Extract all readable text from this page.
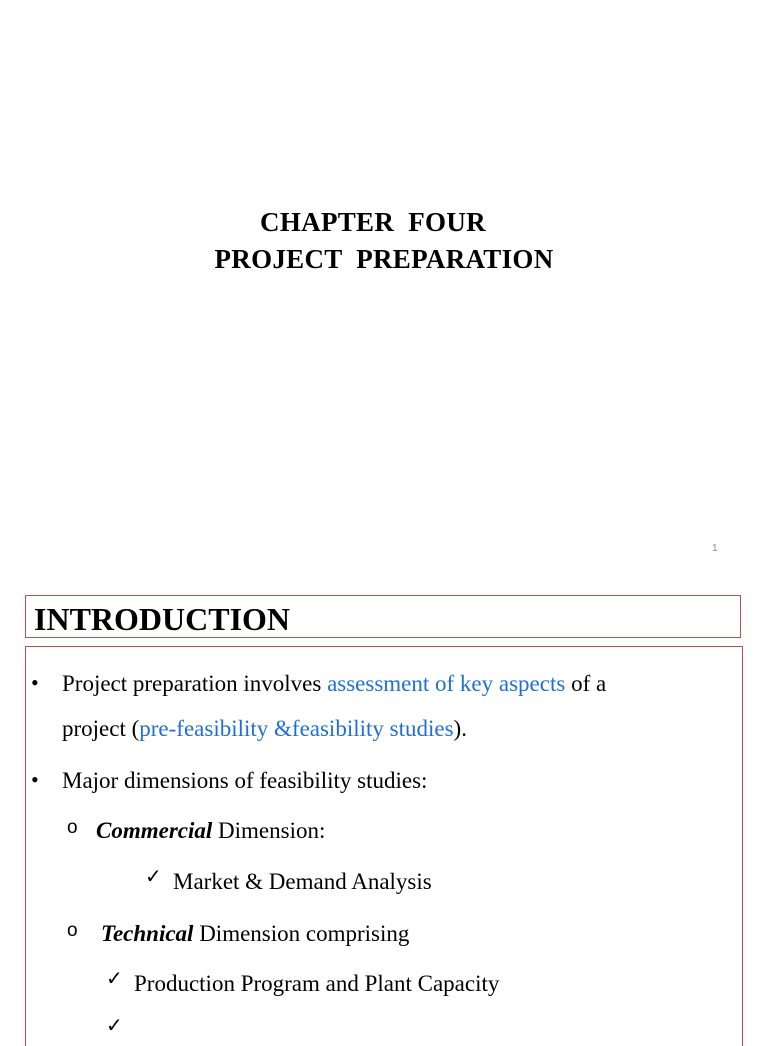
CHAPTER  FOUR
PROJECT  PREPARATION
1
INTRODUCTION
• Project preparation involves assessment of key aspects of a
project (pre-feasibility &feasibility studies).
• Major dimensions of feasibility studies:
o Commercial Dimension:
✓ Market & Demand Analysis
o Technical Dimension comprising
✓ Production Program and Plant Capacity
✓
